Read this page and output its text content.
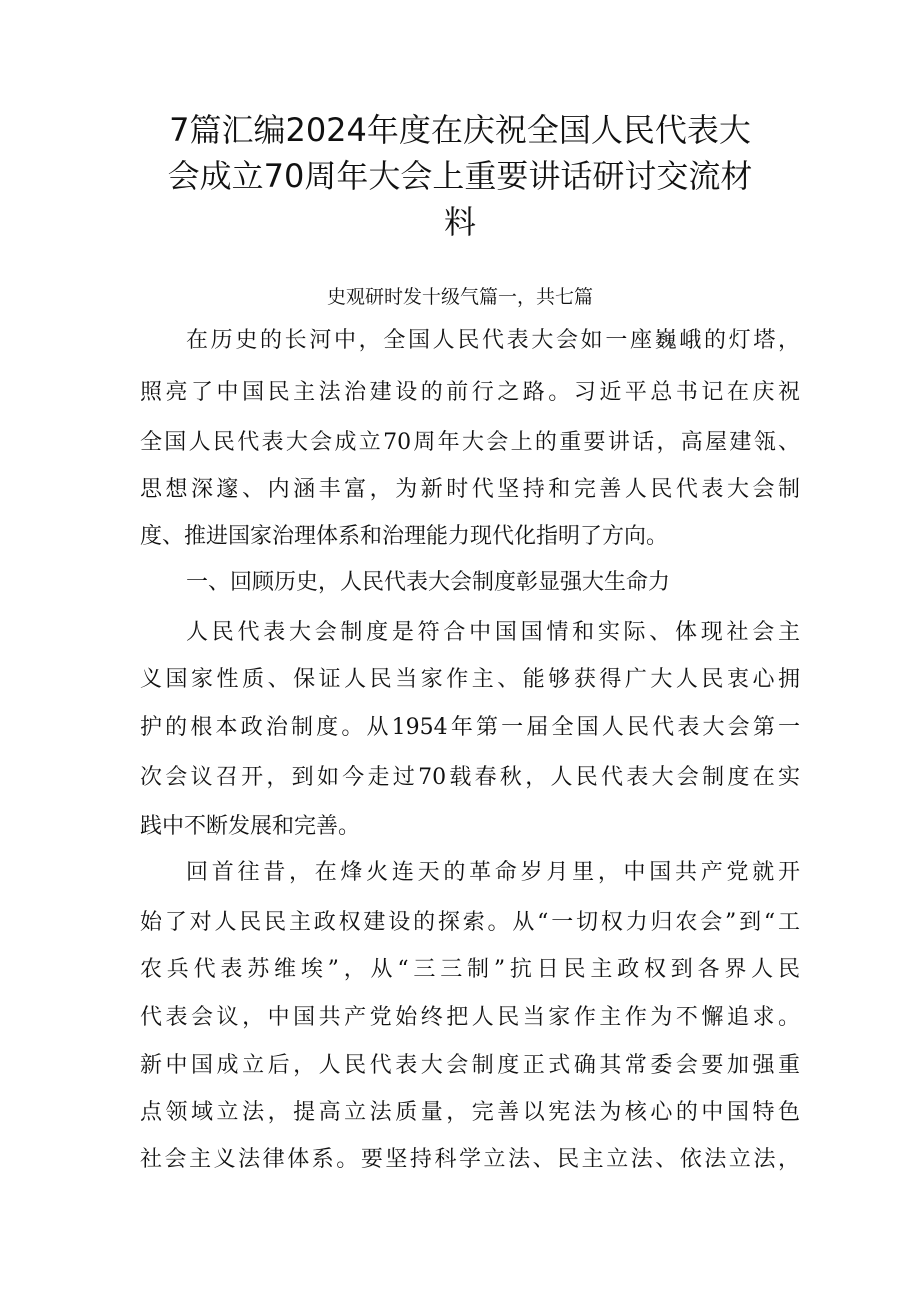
7篇汇编2024年度在庆祝全国人民代表大
会成立70周年大会上重要讲话研讨交流材
料
史观研时发十级气篇一，共七篇
在历史的长河中，全国人民代表大会如一座巍峨的灯塔，
照亮了中国民主法治建设的前行之路。习近平总书记在庆祝
全国人民代表大会成立70周年大会上的重要讲话，高屋建瓴、
思想深邃、内涵丰富，为新时代坚持和完善人民代表大会制
度、推进国家治理体系和治理能力现代化指明了方向。
一、回顾历史，人民代表大会制度彰显强大生命力
人民代表大会制度是符合中国国情和实际、体现社会主
义国家性质、保证人民当家作主、能够获得广大人民衷心拥
护的根本政治制度。从1954年第一届全国人民代表大会第一
次会议召开，到如今走过70载春秋，人民代表大会制度在实
践中不断发展和完善。
回首往昔，在烽火连天的革命岁月里，中国共产党就开
始了对人民民主政权建设的探索。从“一切权力归农会”到“工
农兵代表苏维埃”，从“三三制”抗日民主政权到各界人民
代表会议，中国共产党始终把人民当家作主作为不懈追求。
新中国成立后，人民代表大会制度正式确其常委会要加强重
点领域立法，提高立法质量，完善以宪法为核心的中国特色
社会主义法律体系。要坚持科学立法、民主立法、依法立法，
